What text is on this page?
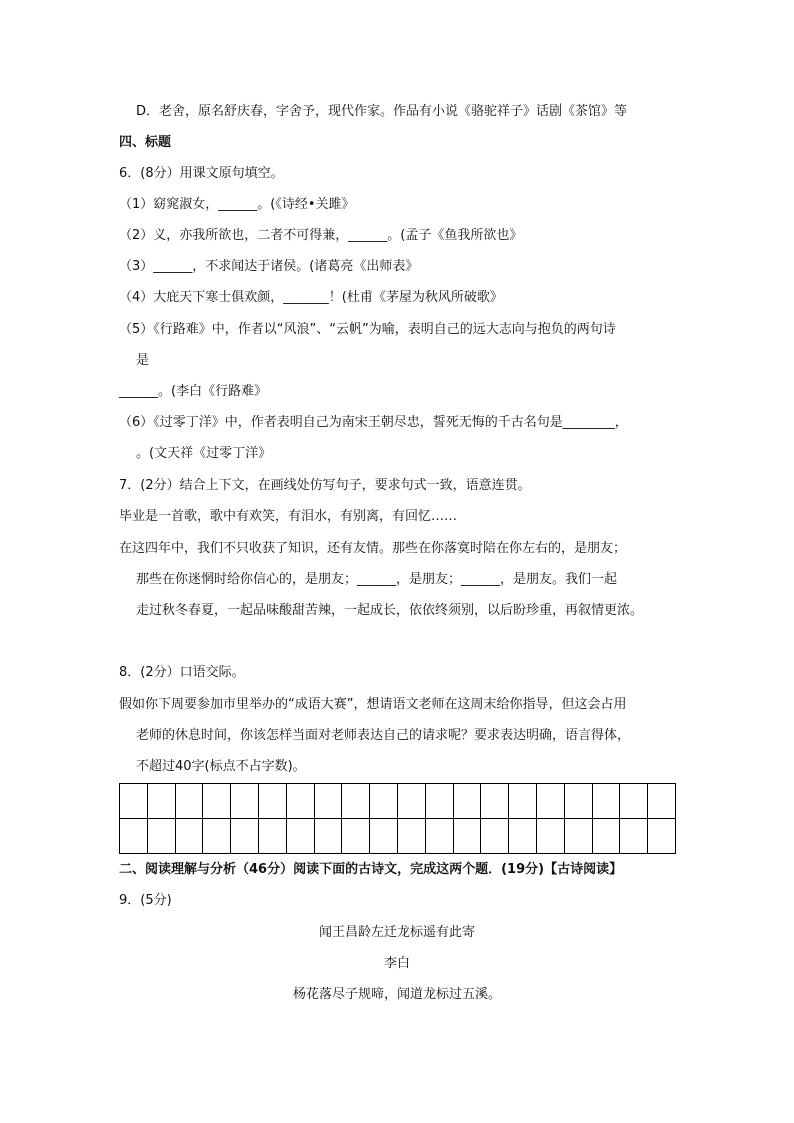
D．老舍，原名舒庆春，字舍予，现代作家。作品有小说《骆驼祥子》话剧《茶馆》等
四、标题
6．(8分）用课文原句填空。
（1）窈窕淑女，______。(《诗经•关雎》
（2）义，亦我所欲也，二者不可得兼，______。(孟子《鱼我所欲也》
（3）______，不求闻达于诸侯。(诸葛亮《出师表》
（4）大庇天下寒士俱欢颜，_______！(杜甫《茅屋为秋风所破歌》
（5）《行路难》中，作者以“风浪”、“云帆”为喻，表明自己的远大志向与抱负的两句诗
是
______。(李白《行路难》
（6）《过零丁洋》中，作者表明自己为南宋王朝尽忠，誓死无悔的千古名句是________，
。(文天祥《过零丁洋》
7．(2分）结合上下文，在画线处仿写句子，要求句式一致，语意连贯。
毕业是一首歌，歌中有欢笑，有泪水，有别离，有回忆……
在这四年中，我们不只收获了知识，还有友情。那些在你落寞时陪在你左右的，是朋友；
那些在你迷惘时给你信心的，是朋友；______，是朋友；______，是朋友。我们一起
走过秋冬春夏，一起品味酸甜苦辣，一起成长，依依终须别，以后盼珍重，再叙情更浓。
8．(2分）口语交际。
假如你下周要参加市里举办的“成语大赛”，想请语文老师在这周末给你指导，但这会占用
老师的休息时间，你该怎样当面对老师表达自己的请求呢？要求表达明确，语言得体，
不超过40字(标点不占字数)。

二、阅读理解与分析（46分）阅读下面的古诗文，完成这两个题．(19分)【古诗阅读】
9．(5分)
闻王昌龄左迁龙标遥有此寄
李白
杨花落尽子规啼，闻道龙标过五溪。
